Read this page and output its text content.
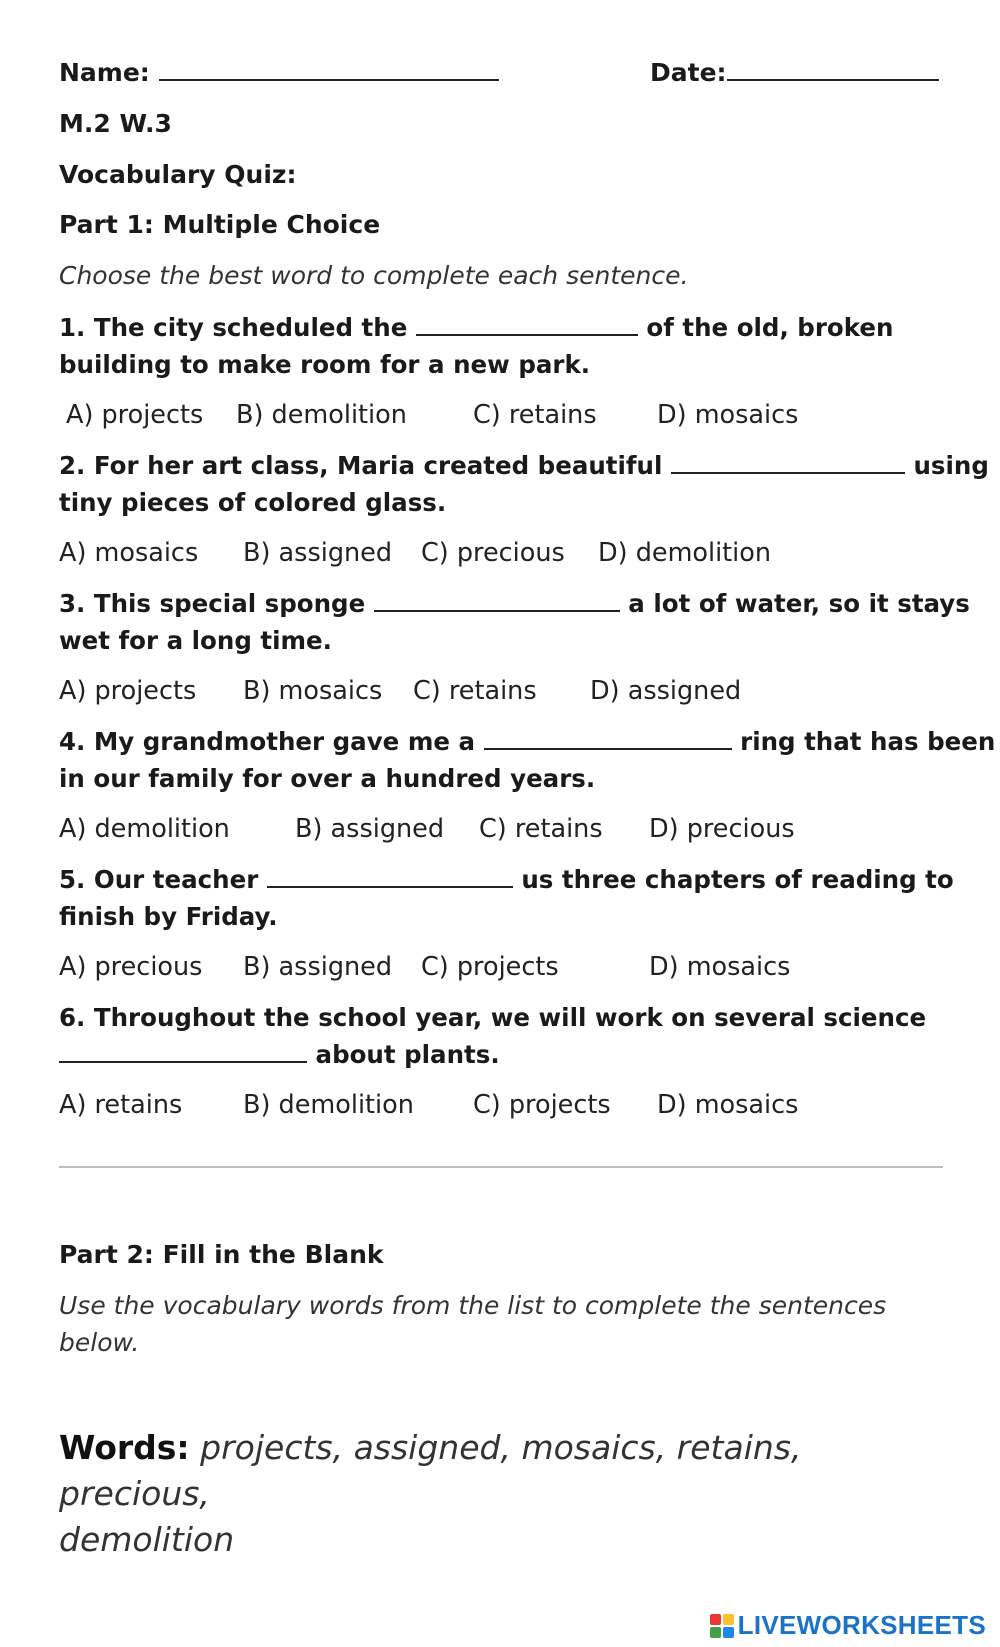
Name:	Date:
M.2 W.3
Vocabulary Quiz:
Part 1: Multiple Choice
Choose the best word to complete each sentence.
1. The city scheduled the	of the old, broken
building to make room for a new park.
A) projects B) demolition	C) retains D) mosaics
2. For her art class, Maria created beautiful	using
tiny pieces of colored glass.
A) mosaics B) assigned C) precious D) demolition
3. This special sponge	a lot of water, so it stays
wet for a long time.
A) projects B) mosaics C) retains D) assigned
4. My grandmother gave me a	ring that has been
in our family for over a hundred years.
A) demolition	B) assigned C) retains D) precious
5. Our teacher	us three chapters of reading to
finish by Friday.
A) precious B) assigned C) projects	D) mosaics
6. Throughout the school year, we will work on several science
about plants.
A) retains B) demolition C) projects D) mosaics
Part 2: Fill in the Blank
Use the vocabulary words from the list to complete the sentences
below.
Words: projects, assigned, mosaics, retains, precious,
demolition
LIVEWORKSHEETS
